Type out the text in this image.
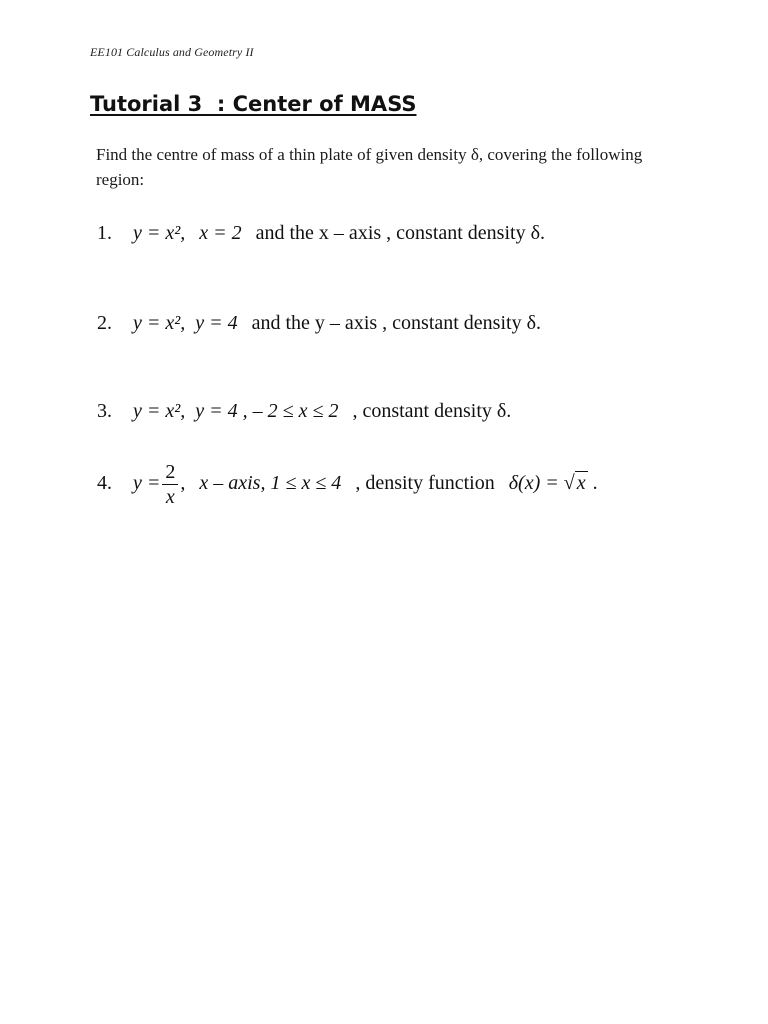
EE101 Calculus and Geometry II
Tutorial 3  : Center of MASS
Find the centre of mass of a thin plate of given density δ, covering the following region:
1. y = x²,x = 2 and the x – axis , constant density δ.
2. y = x²,y = 4 and the y – axis , constant density δ.
3. y = x²,y = 4 , – 2 ≤ x ≤ 2 , constant density δ.
4. $y = \frac{2}{x}$ , x – axis, 1 ≤ x ≤ 4 , density function δ(x) = √ x .
